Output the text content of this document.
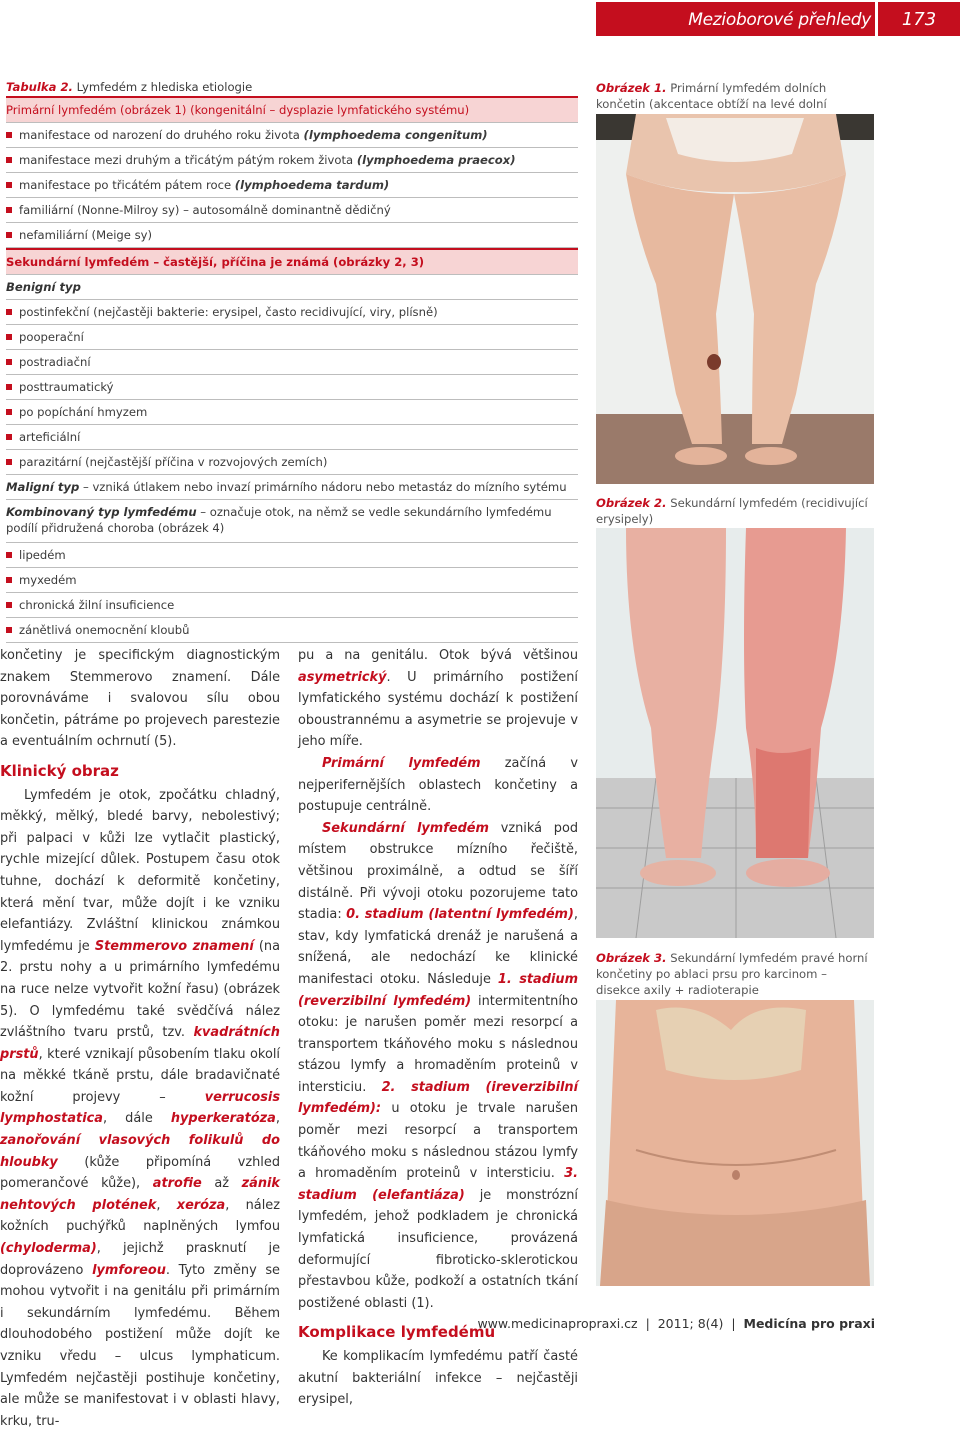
Mezioborové přehledy	173
Tabulka 2. Lymfedém z hlediska etiologie
Primární lymfedém (obrázek 1) (kongenitální – dysplazie lymfatického systému)
manifestace od narození do druhého roku života (lymphoedema congenitum)
manifestace mezi druhým a třicátým pátým rokem života (lymphoedema praecox)
manifestace po třicátém pátem roce (lymphoedema tardum)
familiární (Nonne-Milroy sy) – autosomálně dominantně dědičný
nefamiliární (Meige sy)
Sekundární lymfedém – častější, příčina je známá (obrázky 2, 3)
Benigní typ
postinfekční (nejčastěji bakterie: erysipel, často recidivující, viry, plísně)
pooperační
postradiační
posttraumatický
po popíchání hmyzem
arteficiální
parazitární (nejčastější příčina v rozvojových zemích)
Maligní typ – vzniká útlakem nebo invazí primárního nádoru nebo metastáz do mízního sytému
Kombinovaný typ lymfedému – označuje otok, na němž se vedle sekundárního lymfedému podílí přidružená choroba (obrázek 4)
lipedém
myxedém
chronická žilní insuficience
zánětlivá onemocnění kloubů

končetiny je specifickým diagnostickým znakem Stemmerovo znamení. Dále porovnáváme i svalovou sílu obou končetin, pátráme po projevech parestezie a eventuálním ochrnutí (5).

Klinický obraz

Lymfedém je otok, zpočátku chladný, měkký, mělký, bledé barvy, nebolestivý; při palpaci v kůži lze vytlačit plastický, rychle mizející důlek. Postupem času otok tuhne, dochází k deformitě končetiny, která mění tvar, může dojít i ke vzniku elefantiázy. Zvláštní klinickou známkou lymfedému je Stemmerovo znamení (na 2. prstu nohy a u primárního lymfedému na ruce nelze vytvořit kožní řasu) (obrázek 5). O lymfedému také svědčívá nález zvláštního tvaru prstů, tzv. kvadrátních prstů, které vznikají působením tlaku okolí na měkké tkáně prstu, dále bradavičnaté kožní projevy – verrucosis lymphostatica, dále hyperkeratóza, zanořování vlasových folikulů do hloubky (kůže připomíná vzhled pomerančové kůže), atrofie až zánik nehtových plotének, xeróza, nález kožních puchýřků naplněných lymfou (chyloderma), jejichž prasknutí je doprovázeno lymforeou. Tyto změny se mohou vytvořit i na genitálu při primárním i sekundárním lymfedému. Během dlouhodobého postižení může dojít ke vzniku vředu – ulcus lymphaticum. Lymfedém nejčastěji postihuje končetiny, ale může se manifestovat i v oblasti hlavy, krku, tru-

pu a na genitálu. Otok bývá většinou asymetrický. U primárního postižení lymfatického systému dochází k postižení oboustrannému a asymetrie se projevuje v jeho míře.

Primární lymfedém začíná v nejperifernějších oblastech končetiny a postupuje centrálně.

Sekundární lymfedém vzniká pod místem obstrukce mízního řečiště, většinou proximálně, a odtud se šíří distálně. Při vývoji otoku pozorujeme tato stadia: 0. stadium (latentní lymfedém), stav, kdy lymfatická drenáž je narušená a snížená, ale nedochází ke klinické manifestaci otoku. Následuje 1. stadium (reverzibilní lymfedém) intermitentního otoku: je narušen poměr mezi resorpcí a transportem tkáňového moku s následnou stázou lymfy a hromaděním proteinů v intersticiu. 2. stadium (ireverzibilní lymfedém): u otoku je trvale narušen poměr mezi resorpcí a transportem tkáňového moku s následnou stázou lymfy a hromaděním proteinů v intersticiu. 3. stadium (elefantiáza) je monstrózní lymfedém, jehož podkladem je chronická lymfatická insuficience, provázená deformující fibroticko-sklerotickou přestavbou kůže, podkoží a ostatních tkání postižené oblasti (1).

Komplikace lymfedému

Ke komplikacím lymfedému patří časté akutní bakteriální infekce – nejčastěji erysipel,

Obrázek 1. Primární lymfedém dolních končetin (akcentace obtíží na levé dolní
Obrázek 2. Sekundární lymfedém (recidivující erysipely)
Obrázek 3. Sekundární lymfedém pravé horní končetiny po ablaci prsu pro karcinom – disekce axily + radioterapie
www.medicinapropraxi.cz  |  2011; 8(4)  |  Medicína pro praxi
